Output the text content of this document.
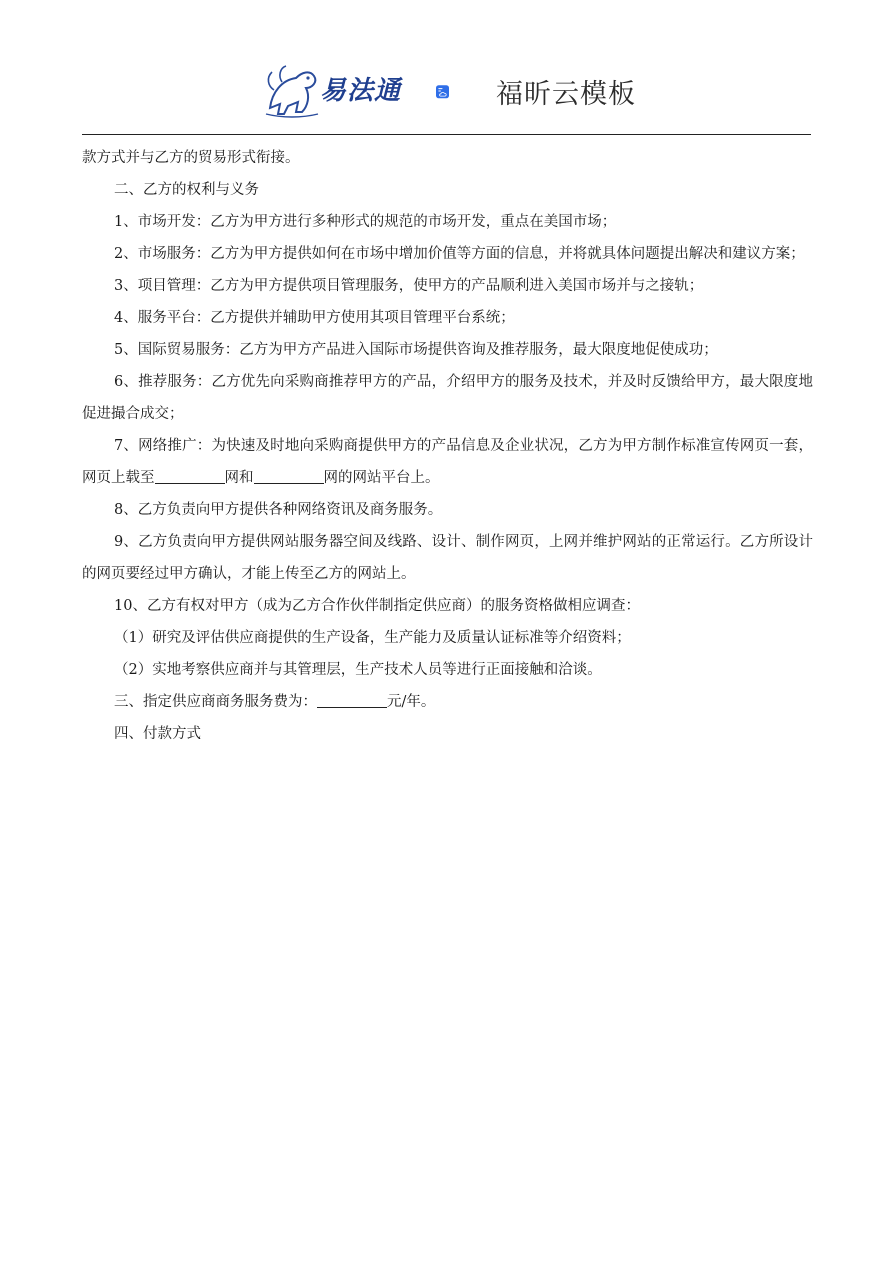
易法通	福昕云模板

款方式并与乙方的贸易形式衔接。

二、乙方的权利与义务

1、市场开发：乙方为甲方进行多种形式的规范的市场开发，重点在美国市场；

2、市场服务：乙方为甲方提供如何在市场中增加价值等方面的信息，并将就具体问题提出解决和建议方案；

3、项目管理：乙方为甲方提供项目管理服务，使甲方的产品顺利进入美国市场并与之接轨；

4、服务平台：乙方提供并辅助甲方使用其项目管理平台系统；

5、国际贸易服务：乙方为甲方产品进入国际市场提供咨询及推荐服务，最大限度地促使成功；

6、推荐服务：乙方优先向采购商推荐甲方的产品，介绍甲方的服务及技术，并及时反馈给甲方，最大限度地促进撮合成交；

7、网络推广：为快速及时地向采购商提供甲方的产品信息及企业状况，乙方为甲方制作标准宣传网页一套，网页上载至	网和	网的网站平台上。

8、乙方负责向甲方提供各种网络资讯及商务服务。

9、乙方负责向甲方提供网站服务器空间及线路、设计、制作网页，上网并维护网站的正常运行。乙方所设计的网页要经过甲方确认，才能上传至乙方的网站上。

10、乙方有权对甲方（成为乙方合作伙伴制指定供应商）的服务资格做相应调查：

（1）研究及评估供应商提供的生产设备，生产能力及质量认证标准等介绍资料；

（2）实地考察供应商并与其管理层，生产技术人员等进行正面接触和洽谈。

三、指定供应商商务服务费为：	元/年。

四、付款方式
